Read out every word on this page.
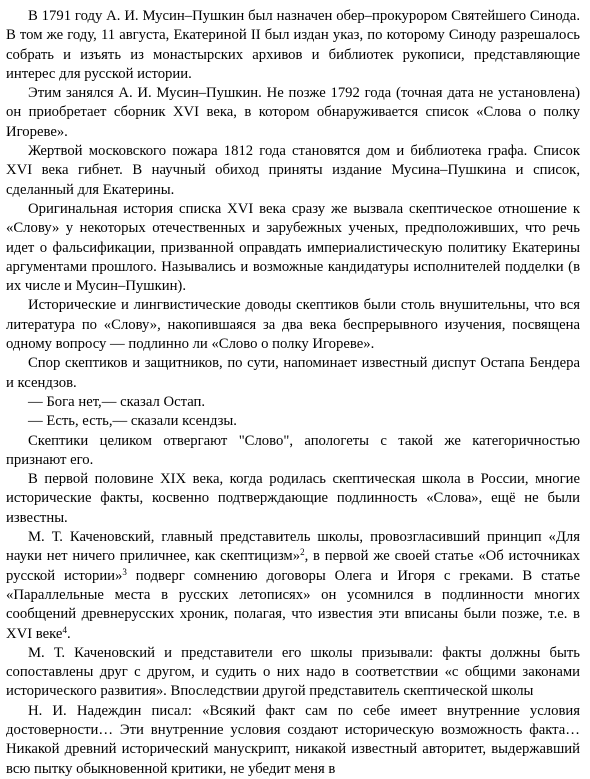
В 1791 году А. И. Мусин–Пушкин был назначен обер–прокурором Святейшего Синода. В том же году, 11 августа, Екатериной II был издан указ, по которому Синоду разрешалось собрать и изъять из монастырских архивов и библиотек рукописи, представляющие интерес для русской истории.

Этим занялся А. И. Мусин–Пушкин. Не позже 1792 года (точная дата не установлена) он приобретает сборник XVI века, в котором обнаруживается список «Слова о полку Игореве».

Жертвой московского пожара 1812 года становятся дом и библиотека графа. Список XVI века гибнет. В научный обиход приняты издание Мусина–Пушкина и список, сделанный для Екатерины.

Оригинальная история списка XVI века сразу же вызвала скептическое отношение к «Слову» у некоторых отечественных и зарубежных ученых, предположивших, что речь идет о фальсификации, призванной оправдать империалистическую политику Екатерины аргументами прошлого. Назывались и возможные кандидатуры исполнителей подделки (в их числе и Мусин–Пушкин).

Исторические и лингвистические доводы скептиков были столь внушительны, что вся литература по «Слову», накопившаяся за два века беспрерывного изучения, посвящена одному вопросу — подлинно ли «Слово о полку Игореве».

Спор скептиков и защитников, по сути, напоминает известный диспут Остапа Бендера и ксендзов.

— Бога нет,— сказал Остап.

— Есть, есть,— сказали ксендзы.

Скептики целиком отвергают "Слово", апологеты с такой же категоричностью признают его.

В первой половине XIX века, когда родилась скептическая школа в России, многие исторические факты, косвенно подтверждающие подлинность «Слова», ещё не были известны.

М. Т. Каченовский, главный представитель школы, провозгласивший принцип «Для науки нет ничего приличнее, как скептицизм»$^2$, в первой же своей статье «Об источниках русской истории»$^3$ подверг сомнению договоры Олега и Игоря с греками. В статье «Параллельные места в русских летописях» он усомнился в подлинности многих сообщений древнерусских хроник, полагая, что известия эти вписаны были позже, т.е. в XVI веке$^4$.

М. Т. Каченовский и представители его школы призывали: факты должны быть сопоставлены друг с другом, и судить о них надо в соответствии «с общими законами исторического развития». Впоследствии другой представитель скептической школы

Н. И. Надеждин писал: «Всякий факт сам по себе имеет внутренние условия достоверности… Эти внутренние условия создают историческую возможность факта… Никакой древний исторический манускрипт, никакой известный авторитет, выдержавший всю пытку обыкновенной критики, не убедит меня в
